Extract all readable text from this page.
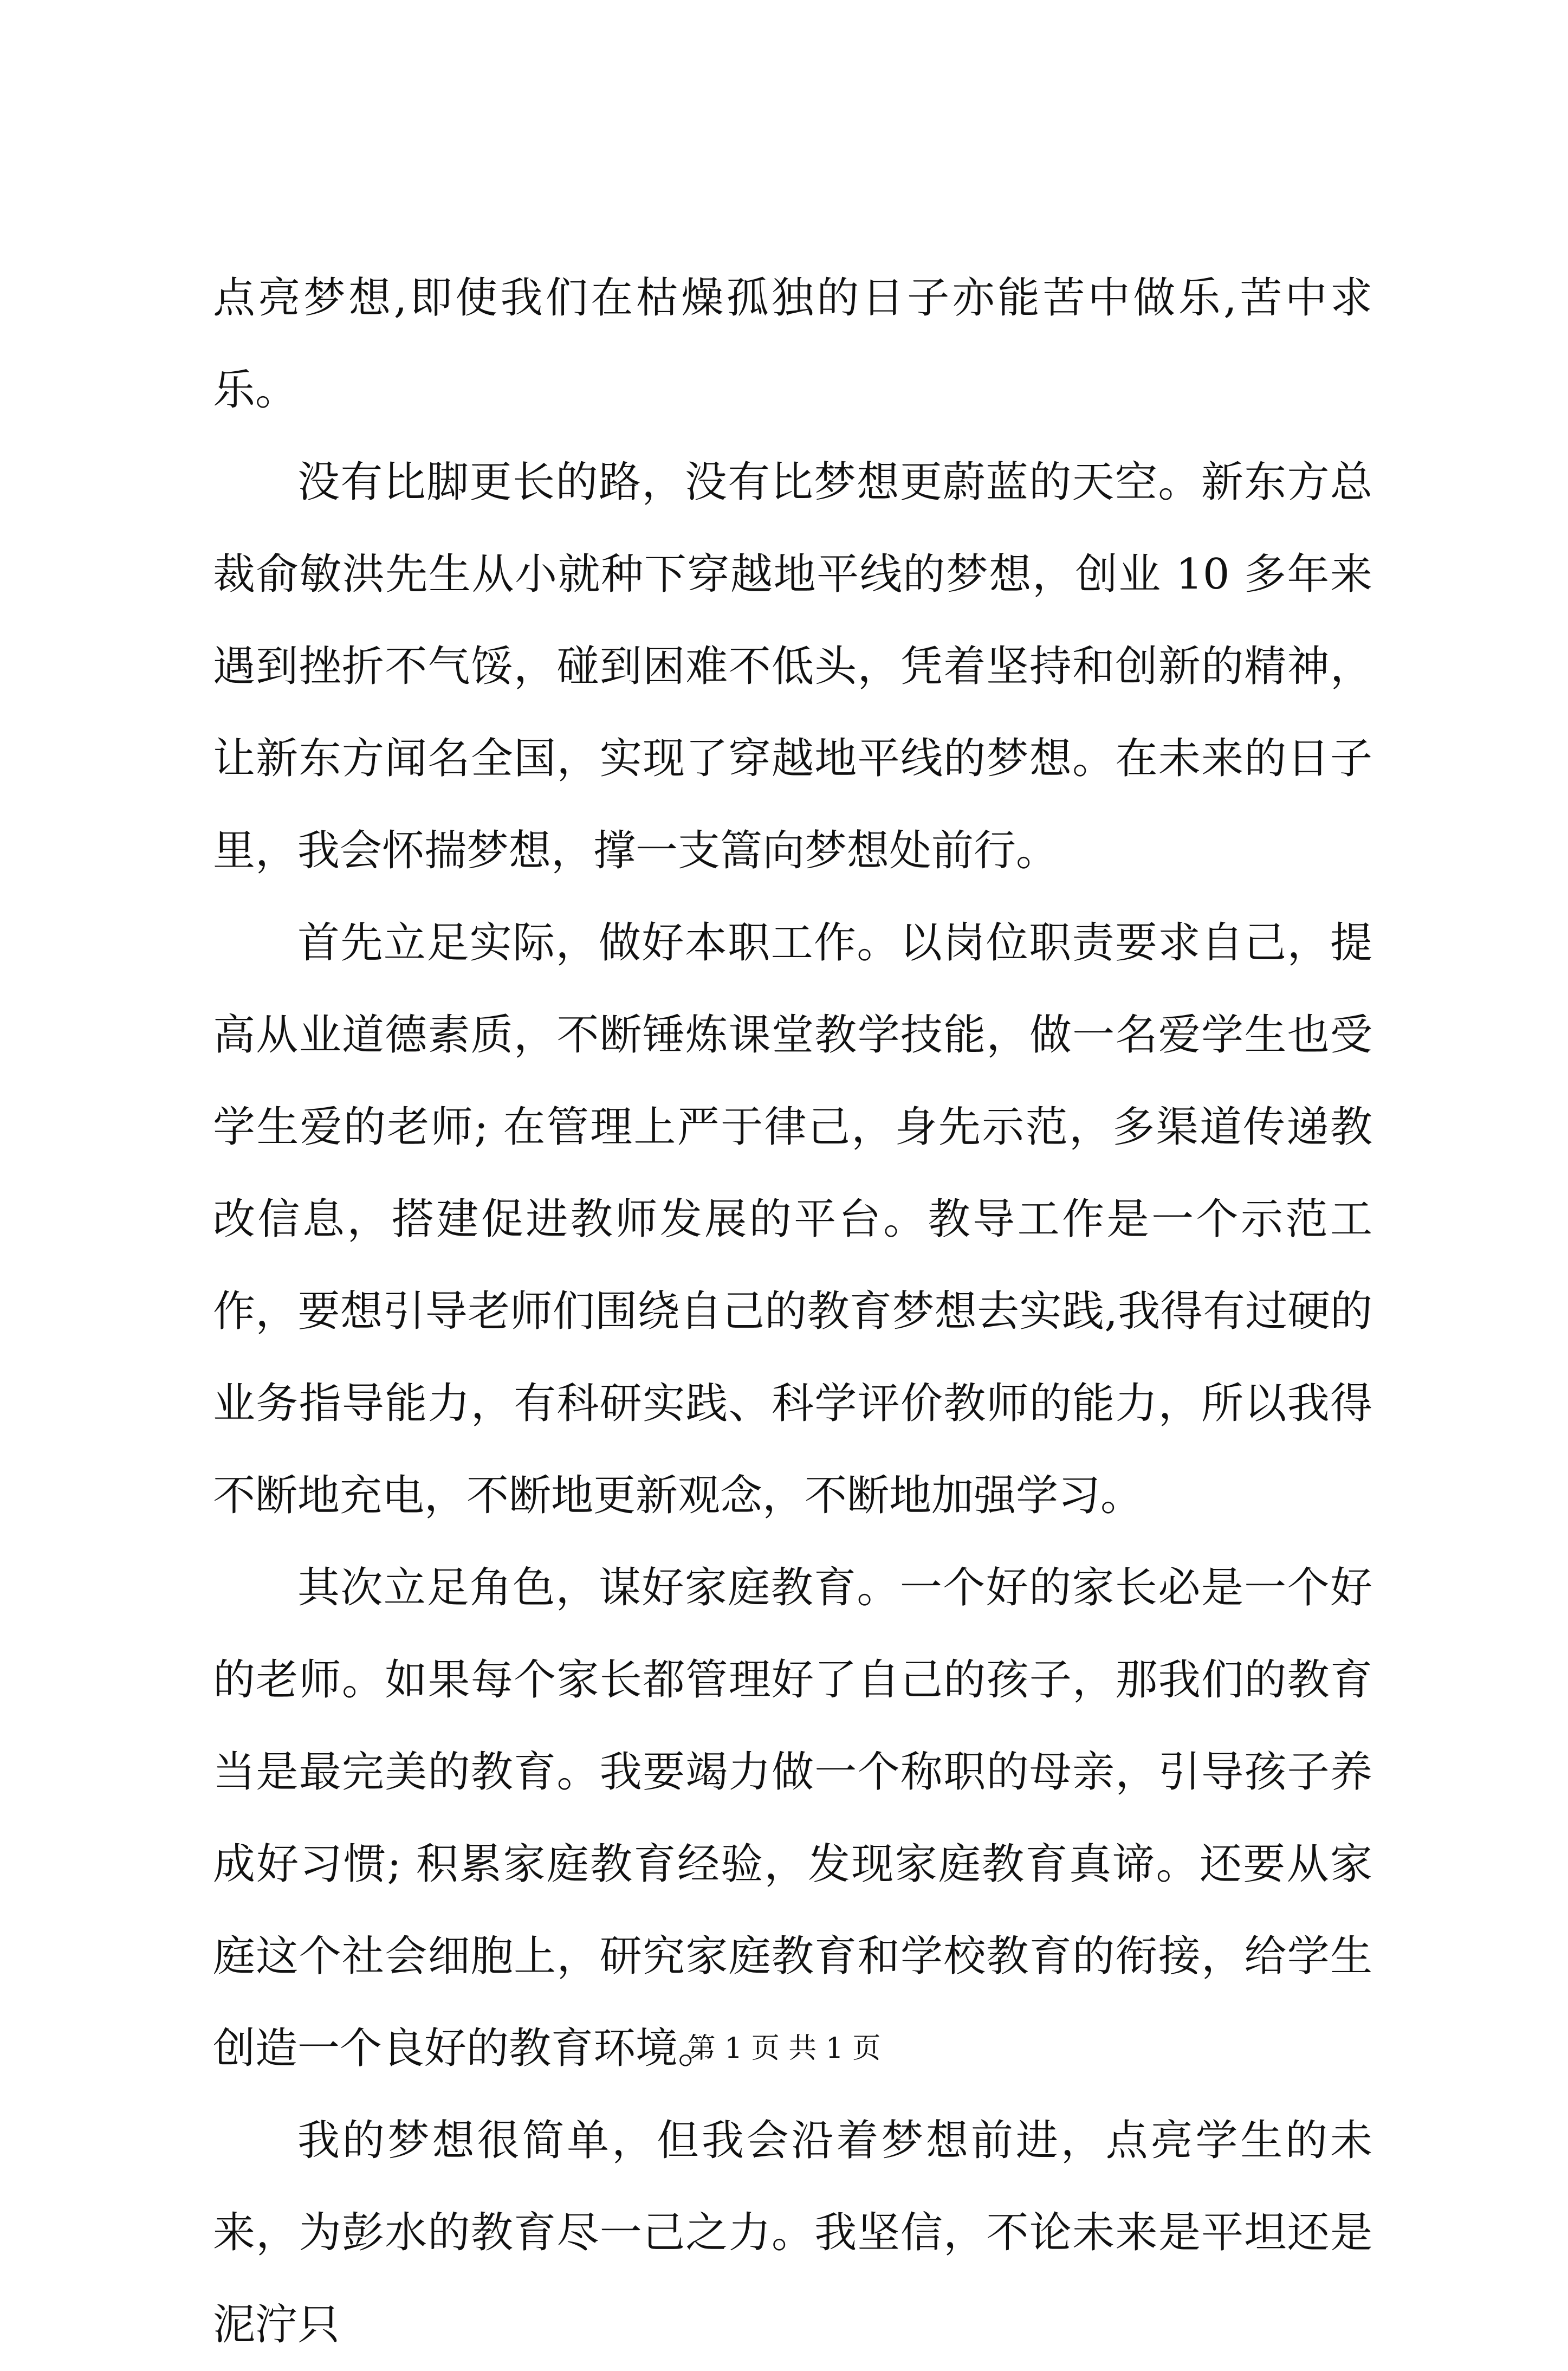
点亮梦想,即使我们在枯燥孤独的日子亦能苦中做乐,苦中求乐。

没有比脚更长的路，没有比梦想更蔚蓝的天空。新东方总裁俞敏洪先生从小就种下穿越地平线的梦想，创业 10 多年来遇到挫折不气馁，碰到困难不低头，凭着坚持和创新的精神，让新东方闻名全国，实现了穿越地平线的梦想。在未来的日子里，我会怀揣梦想，撑一支篙向梦想处前行。

首先立足实际，做好本职工作。以岗位职责要求自己，提高从业道德素质，不断锤炼课堂教学技能，做一名爱学生也受学生爱的老师; 在管理上严于律己，身先示范，多渠道传递教改信息，搭建促进教师发展的平台。教导工作是一个示范工作，要想引导老师们围绕自己的教育梦想去实践,我得有过硬的业务指导能力，有科研实践、科学评价教师的能力，所以我得不断地充电，不断地更新观念，不断地加强学习。

其次立足角色，谋好家庭教育。一个好的家长必是一个好的老师。如果每个家长都管理好了自己的孩子，那我们的教育当是最完美的教育。我要竭力做一个称职的母亲，引导孩子养成好习惯; 积累家庭教育经验，发现家庭教育真谛。还要从家庭这个社会细胞上，研究家庭教育和学校教育的衔接，给学生创造一个良好的教育环境。

我的梦想很简单，但我会沿着梦想前进，点亮学生的未来，为彭水的教育尽一己之力。我坚信，不论未来是平坦还是泥泞只

第 1 页 共 1 页
